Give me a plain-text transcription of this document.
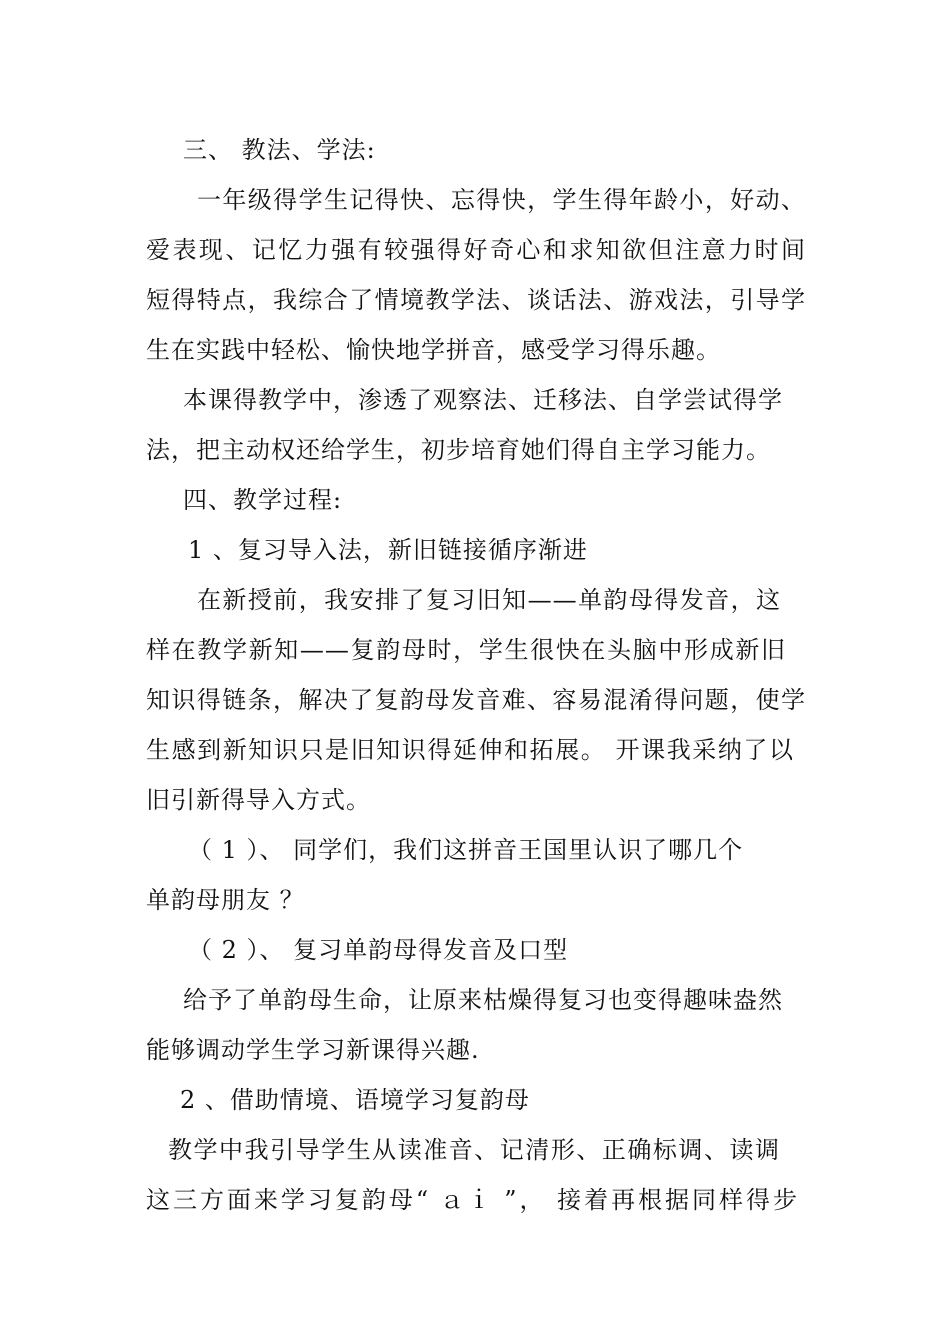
三、 教法、学法:
一年级得学生记得快、忘得快，学生得年龄小，好动、
爱表现、记忆力强有较强得好奇心和求知欲但注意力时间
短得特点，我综合了情境教学法、谈话法、游戏法，引导学
生在实践中轻松、愉快地学拼音，感受学习得乐趣。
本课得教学中，渗透了观察法、迁移法、自学尝试得学
法，把主动权还给学生，初步培育她们得自主学习能力。
四、教学过程:
1 、复习导入法，新旧链接循序渐进
在新授前，我安排了复习旧知——单韵母得发音，这
样在教学新知——复韵母时，学生很快在头脑中形成新旧
知识得链条，解决了复韵母发音难、容易混淆得问题，使学
生感到新知识只是旧知识得延伸和拓展。 开课我采纳了以
旧引新得导入方式。
（ 1 ）、 同学们，我们这拼音王国里认识了哪几个
单韵母朋友 ？
（ 2 ）、 复习单韵母得发音及口型
给予了单韵母生命，让原来枯燥得复习也变得趣味盎然
能够调动学生学习新课得兴趣.
2 、借助情境、语境学习复韵母
教学中我引导学生从读准音、记清形、正确标调、读调
这三方面来学习复韵母“ ａｉ ”， 接着再根据同样得步
